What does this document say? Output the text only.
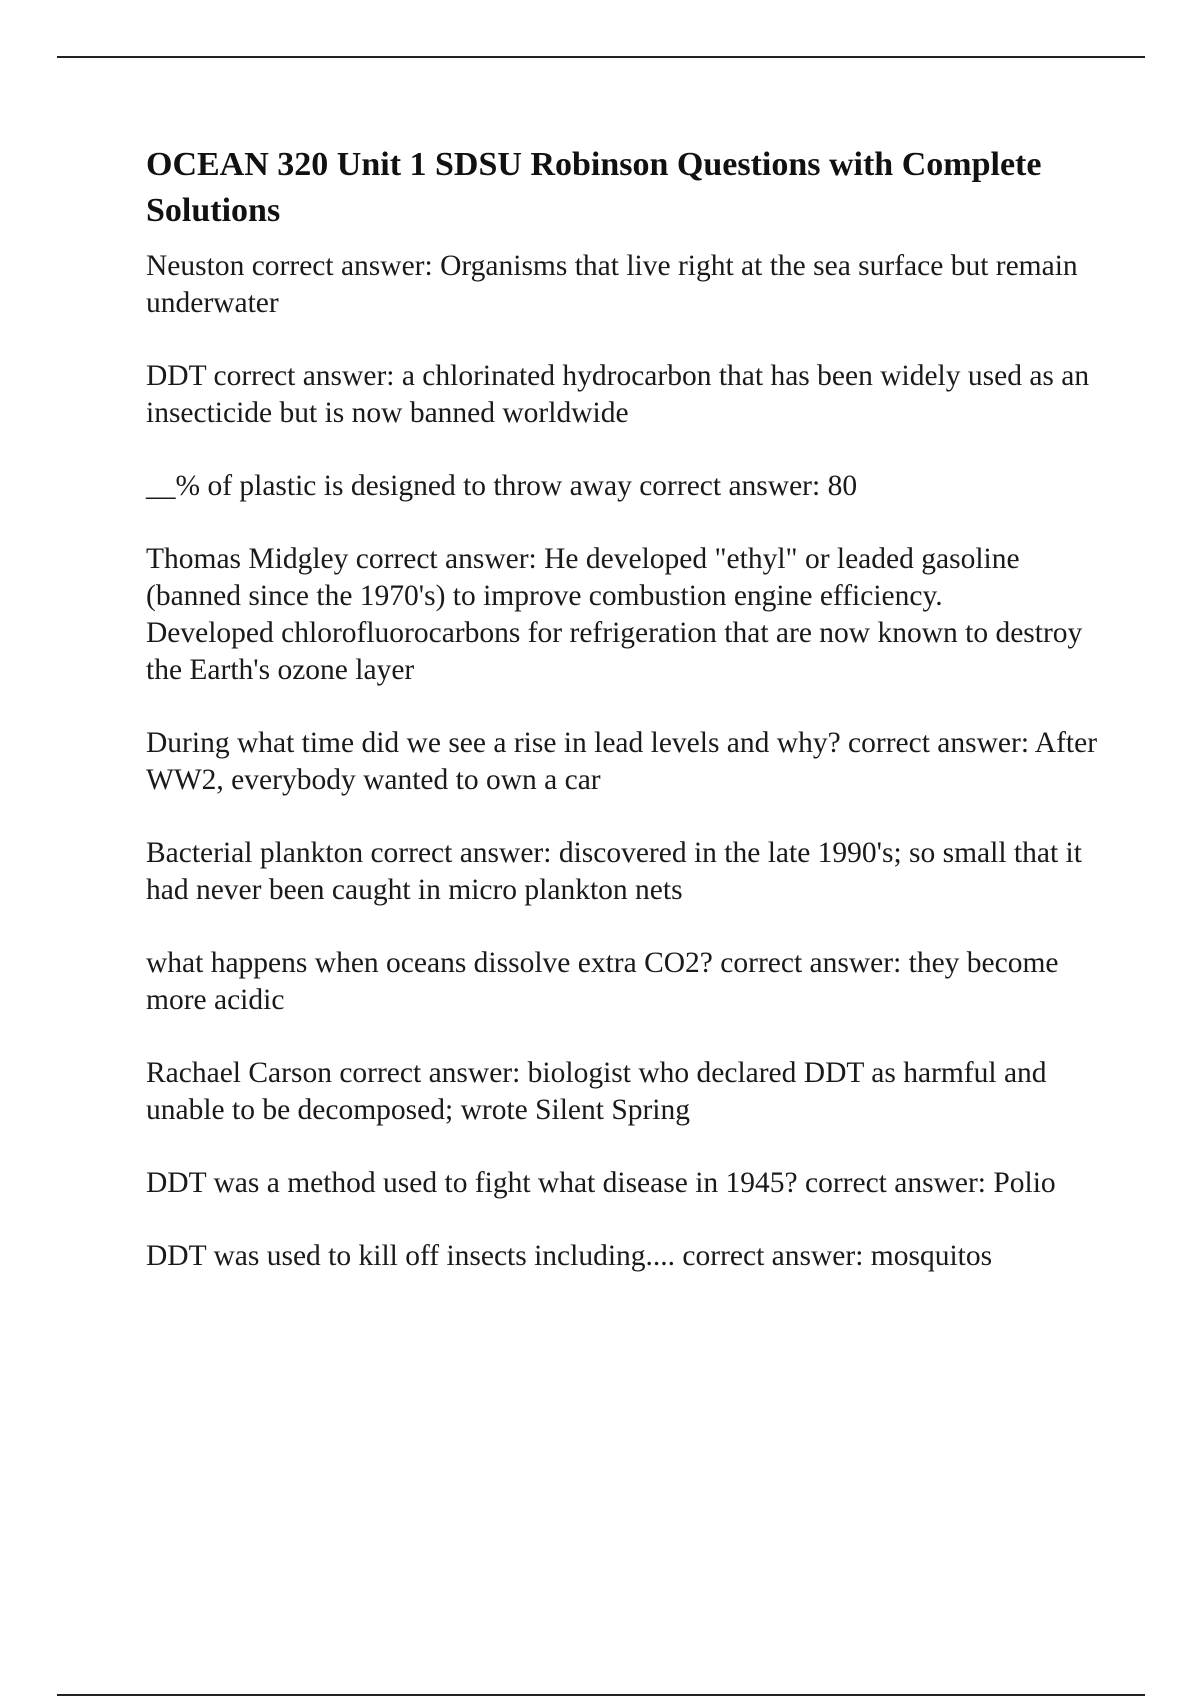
OCEAN 320 Unit 1 SDSU Robinson Questions with Complete Solutions
Neuston correct answer: Organisms that live right at the sea surface but remain underwater
DDT correct answer: a chlorinated hydrocarbon that has been widely used as an insecticide but is now banned worldwide
__% of plastic is designed to throw away correct answer: 80
Thomas Midgley correct answer: He developed "ethyl" or leaded gasoline (banned since the 1970's) to improve combustion engine efficiency.
Developed chlorofluorocarbons for refrigeration that are now known to destroy the Earth's ozone layer
During what time did we see a rise in lead levels and why? correct answer: After WW2, everybody wanted to own a car
Bacterial plankton correct answer: discovered in the late 1990's; so small that it had never been caught in micro plankton nets
what happens when oceans dissolve extra CO2? correct answer: they become more acidic
Rachael Carson correct answer: biologist who declared DDT as harmful and unable to be decomposed; wrote Silent Spring
DDT was a method used to fight what disease in 1945? correct answer: Polio
DDT was used to kill off insects including.... correct answer: mosquitos
